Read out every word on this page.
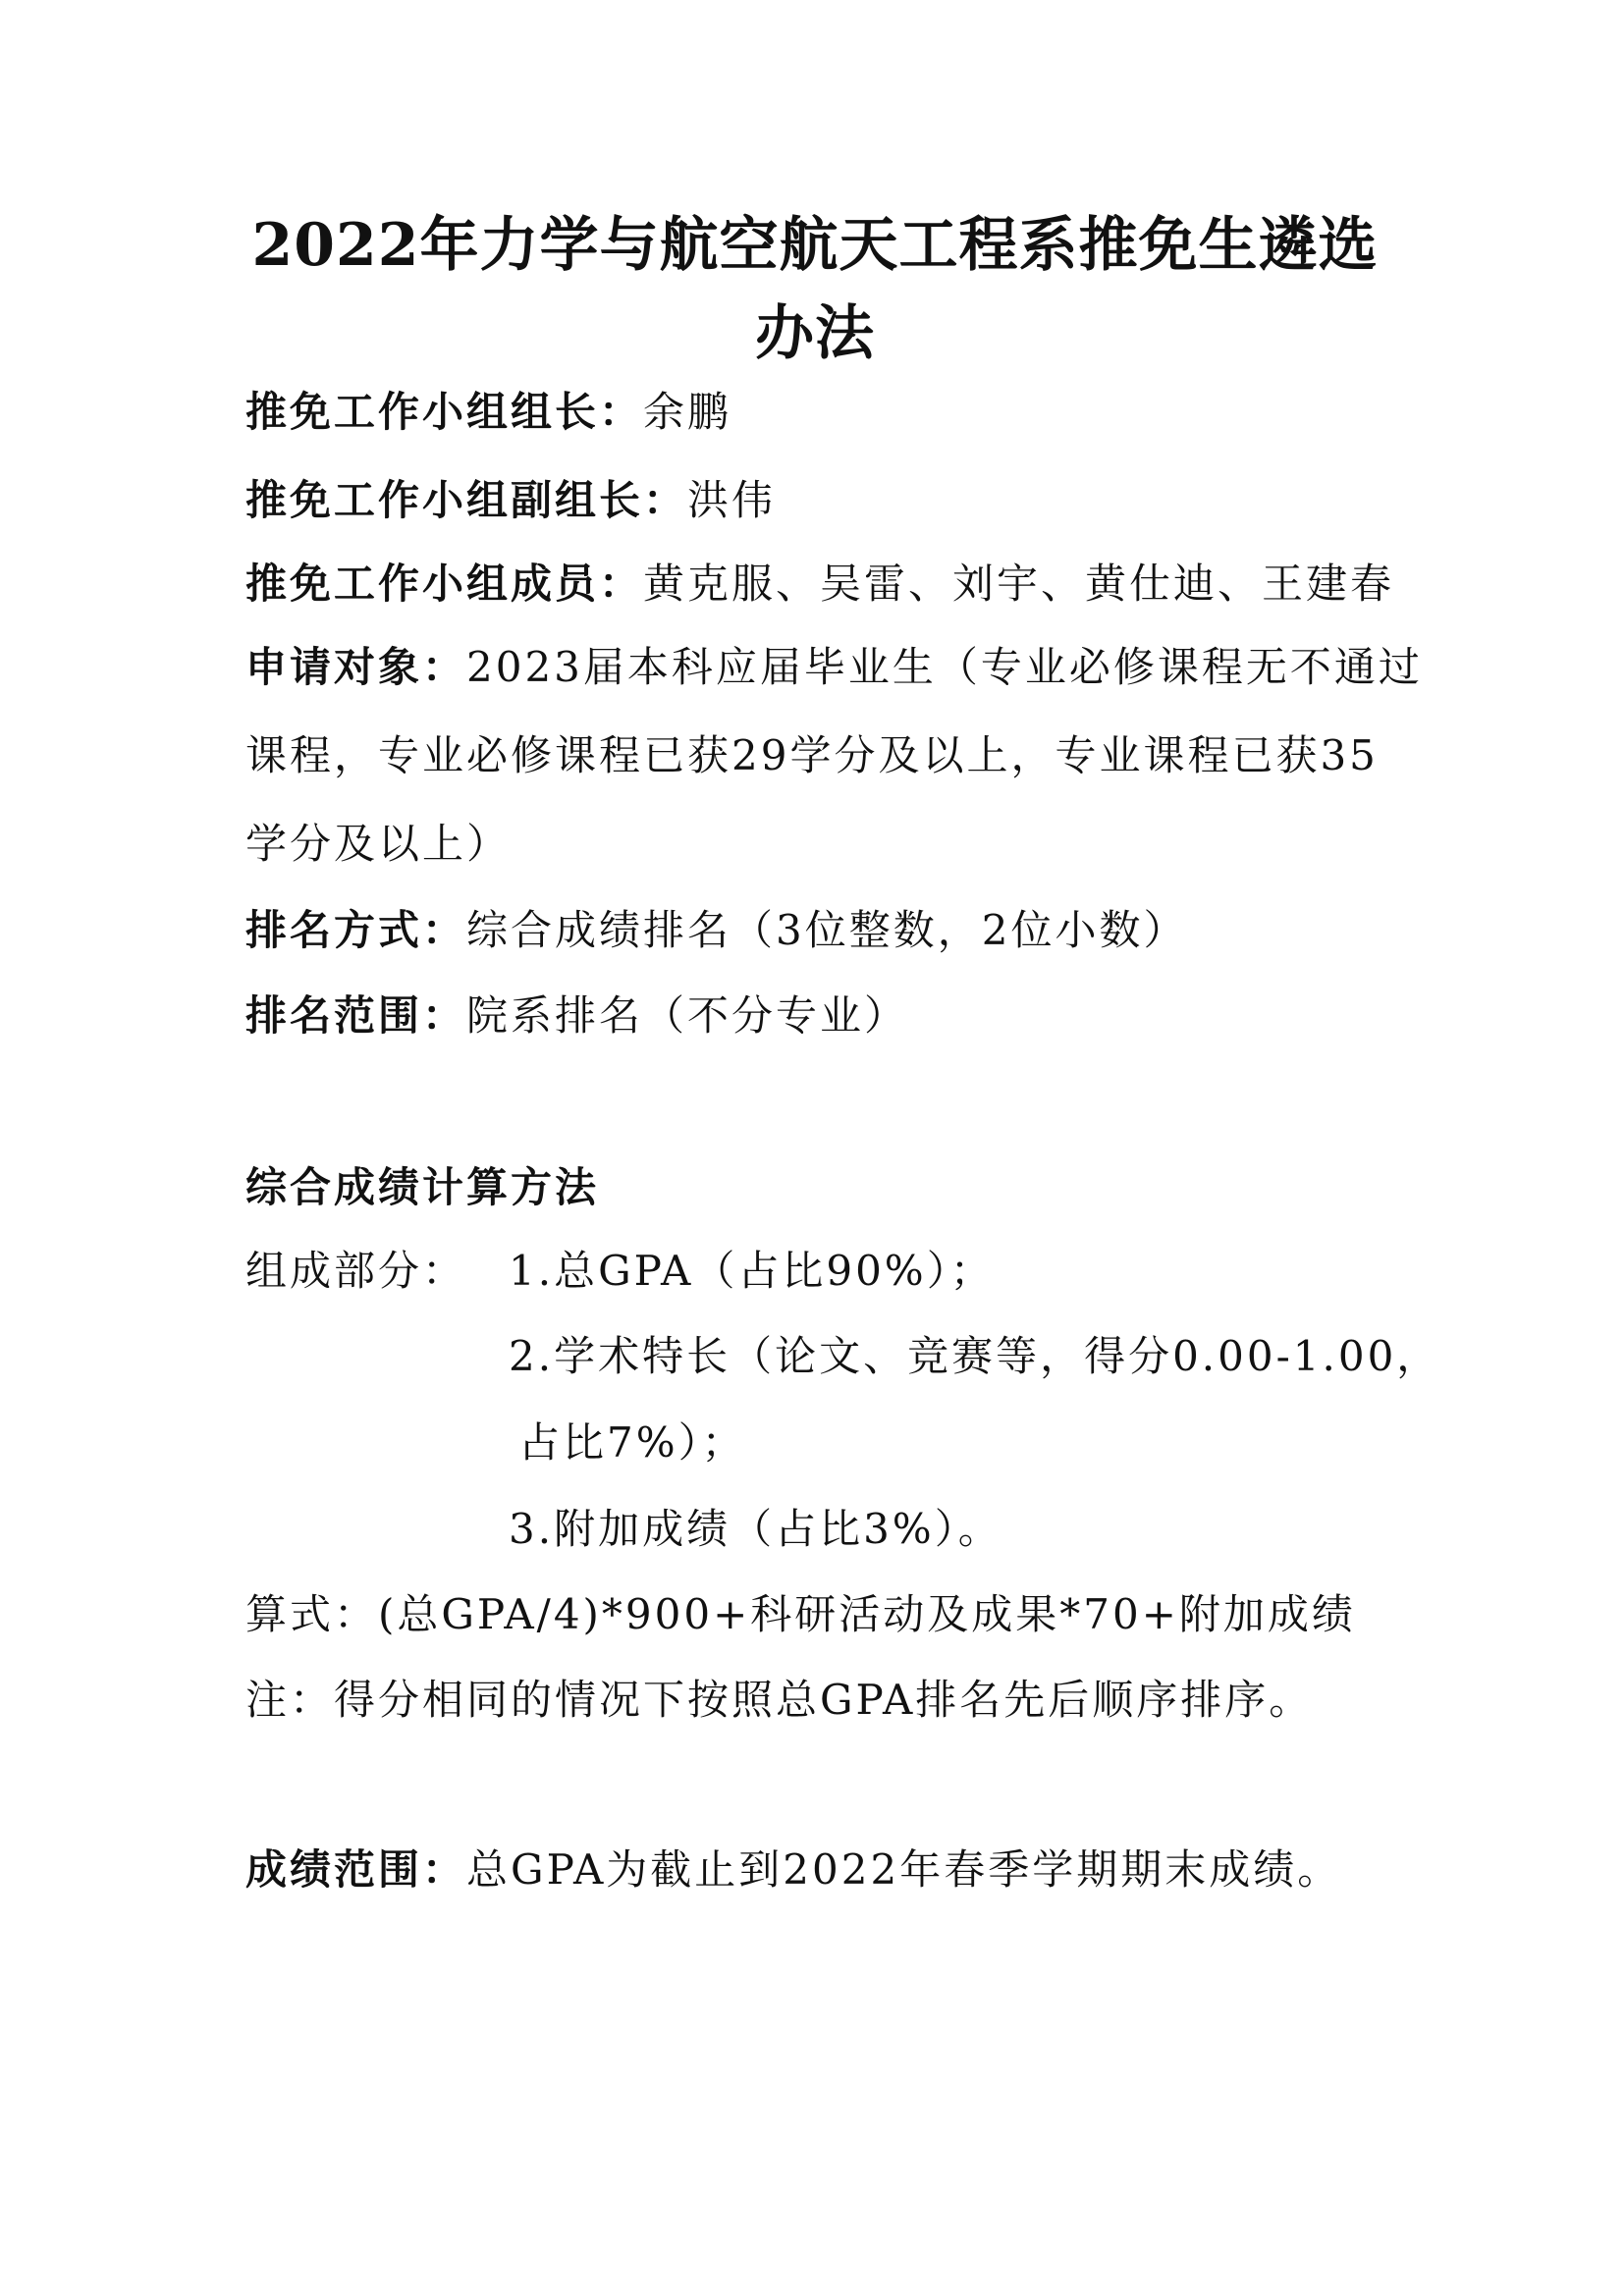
2022年力学与航空航天工程系推免生遴选
办法
推免工作小组组长：余鹏
推免工作小组副组长：洪伟
推免工作小组成员：黄克服、吴雷、刘宇、黄仕迪、王建春
申请对象：2023届本科应届毕业生（专业必修课程无不通过
课程，专业必修课程已获29学分及以上，专业课程已获35
学分及以上）
排名方式：综合成绩排名（3位整数，2位小数）
排名范围：院系排名（不分专业）
综合成绩计算方法
组成部分： 1.总GPA（占比90%）；
2.学术特长（论文、竞赛等，得分0.00-1.00，
占比7%）；
3.附加成绩（占比3%）。
算式：(总GPA/4)*900+科研活动及成果*70+附加成绩
注：得分相同的情况下按照总GPA排名先后顺序排序。
成绩范围：总GPA为截止到2022年春季学期期末成绩。
